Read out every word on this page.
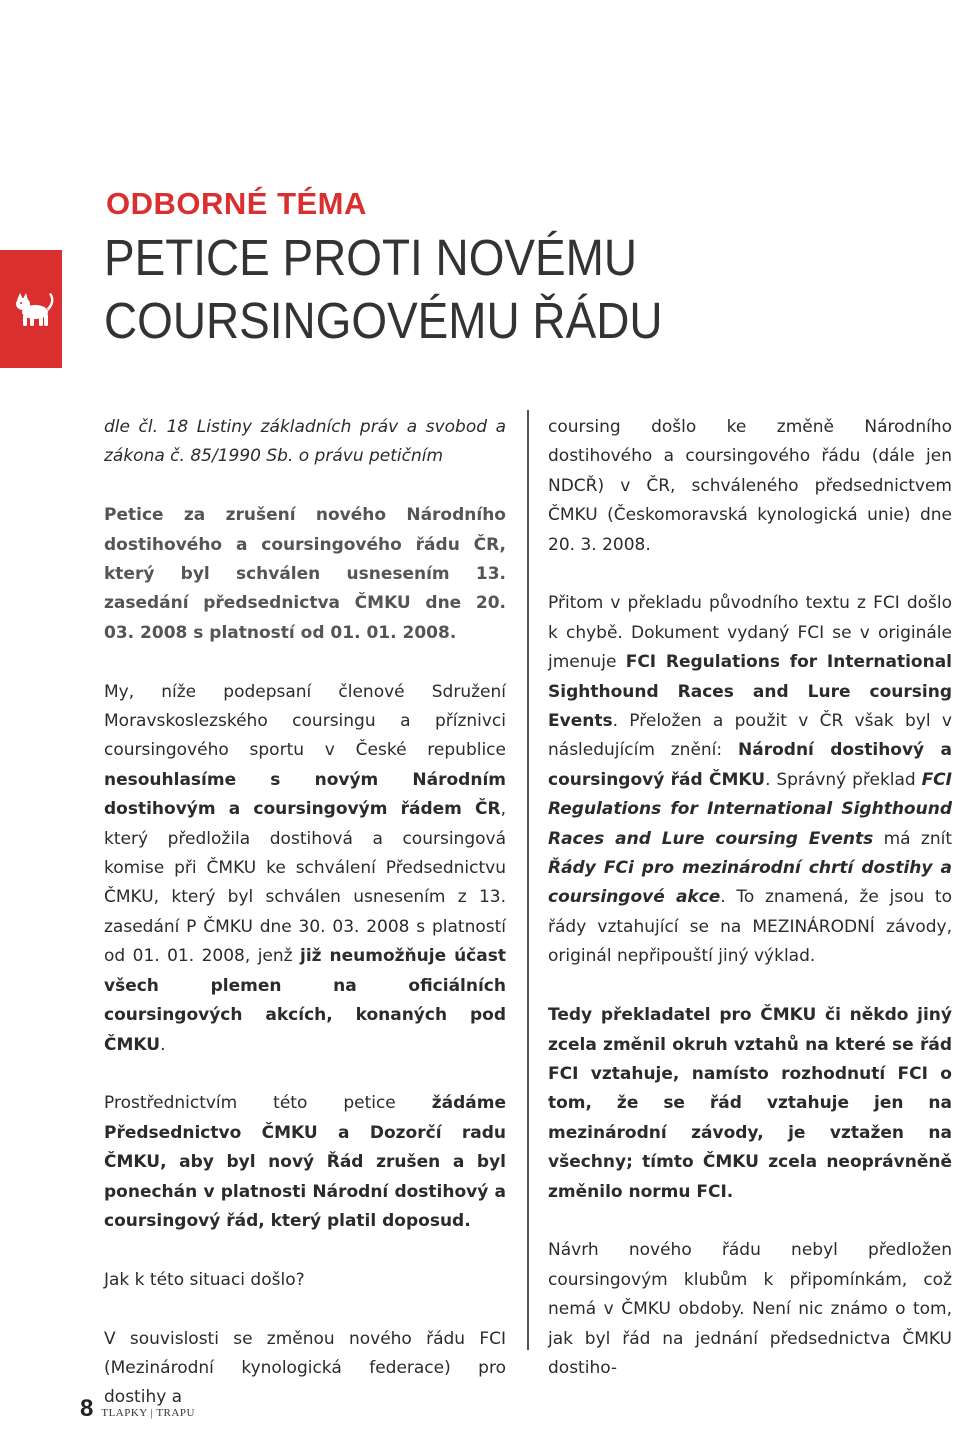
ODBORNÉ TÉMA
PETICE PROTI NOVÉMU
COURSINGOVÉMU ŘÁDU

dle čl. 18 Listiny základních práv a svobod a zákona č. 85/1990 Sb. o právu petičním

Petice za zrušení nového Národního dostihového a coursingového řádu ČR, který byl schválen usnesením 13. zasedání předsednictva ČMKU dne 20. 03. 2008 s platností od 01. 01. 2008.

My, níže podepsaní členové Sdružení Moravskoslezského coursingu a příznivci coursingového sportu v České republice nesouhlasíme s novým Národním dostihovým a coursingovým řádem ČR, který předložila dostihová a coursingová komise při ČMKU ke schválení Předsednictvu ČMKU, který byl schválen usnesením z 13. zasedání P ČMKU dne 30. 03. 2008 s platností od 01. 01. 2008, jenž již neumožňuje účast všech plemen na oficiálních coursingových akcích, konaných pod ČMKU.

Prostřednictvím této petice žádáme Předsednictvo ČMKU a Dozorčí radu ČMKU, aby byl nový Řád zrušen a byl ponechán v platnosti Národní dostihový a coursingový řád, který platil doposud.

Jak k této situaci došlo?

V souvislosti se změnou nového řádu FCI (Mezinárodní kynologická federace) pro dostihy a

coursing došlo ke změně Národního dostihového a coursingového řádu (dále jen NDCŘ) v ČR, schváleného předsednictvem ČMKU (Českomoravská kynologická unie) dne 20. 3. 2008.

Přitom v překladu původního textu z FCI došlo k chybě. Dokument vydaný FCI se v originále jmenuje FCI Regulations for International Sighthound Races and Lure coursing Events. Přeložen a použit v ČR však byl v následujícím znění: Národní dostihový a coursingový řád ČMKU. Správný překlad FCI Regulations for International Sighthound Races and Lure coursing Events má znít Řády FCi pro mezinárodní chrtí dostihy a coursingové akce. To znamená, že jsou to řády vztahující se na MEZINÁRODNÍ závody, originál nepřipouští jiný výklad.

Tedy překladatel pro ČMKU či někdo jiný zcela změnil okruh vztahů na které se řád FCI vztahuje, namísto rozhodnutí FCI o tom, že se řád vztahuje jen na mezinárodní závody, je vztažen na všechny; tímto ČMKU zcela neoprávněně změnilo normu FCI.

Návrh nového řádu nebyl předložen coursingovým klubům k připomínkám, což nemá v ČMKU obdoby. Není nic známo o tom, jak byl řád na jednání předsednictva ČMKU dostiho-

8 TLAPKY | TRAPU
